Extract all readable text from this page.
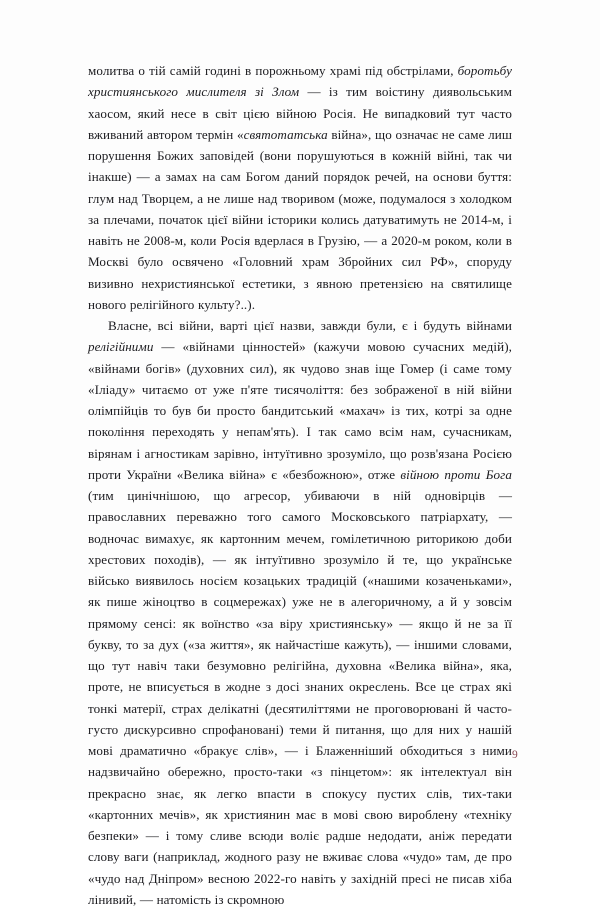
молитва о тій самій годині в порожньому храмі під обстрілами, боротьбу християнського мислителя зі Злом — із тим воістину диявольським хаосом, який несе в світ цією війною Росія. Не випадковий тут часто вживаний автором термін «святотатська війна», що означає не саме лиш порушення Божих заповідей (вони порушуються в кожній війні, так чи інакше) — а замах на сам Богом даний порядок речей, на основи буття: глум над Творцем, а не лише над творивом (може, подумалося з холодком за плечами, початок цієї війни історики колись датуватимуть не 2014-м, і навіть не 2008-м, коли Росія вдерлася в Грузію, — а 2020-м роком, коли в Москві було освячено «Головний храм Збройних сил РФ», споруду визивно нехристиянської естетики, з явною претензією на святилище нового релігійного культу?..).

Власне, всі війни, варті цієї назви, завжди були, є і будуть війнами релігійними — «війнами цінностей» (кажучи мовою сучасних медій), «війнами богів» (духовних сил), як чудово знав іще Гомер (і саме тому «Іліаду» читаємо от уже п'яте тисячоліття: без зображеної в ній війни олімпійців то був би просто бандитський «махач» із тих, котрі за одне покоління переходять у непам'ять). І так само всім нам, сучасникам, вірянам і агностикам зарівно, інтуїтивно зрозуміло, що розв'язана Росією проти України «Велика війна» є «безбожною», отже війною проти Бога (тим цинічнішою, що агресор, убиваючи в ній одновірців — православних переважно того самого Московського патріархату, — водночас вимахує, як картонним мечем, гомілетичною риторикою доби хрестових походів), — як інтуїтивно зрозуміло й те, що українське військо виявилось носієм козацьких традицій («нашими козаченьками», як пише жіноцтво в соцмережах) уже не в алегоричному, а й у зовсім прямому сенсі: як воїнство «за віру християнську» — якщо й не за її букву, то за дух («за життя», як найчастіше кажуть), — іншими словами, що тут навіч таки безумовно релігійна, духовна «Велика війна», яка, проте, не вписується в жодне з досі знаних окреслень. Все це страх які тонкі матерії, страх делікатні (десятиліттями не проговорювані й часто-густо дискурсивно спрофановані) теми й питання, що для них у нашій мові драматично «бракує слів», — і Блаженніший обходиться з ними надзвичайно обережно, просто-таки «з пінцетом»: як інтелектуал він прекрасно знає, як легко впасти в спокусу пустих слів, тих-таки «картонних мечів», як християнин має в мові свою вироблену «техніку безпеки» — і тому сливе всюди воліє радше недодати, аніж передати слову ваги (наприклад, жодного разу не вживає слова «чудо» там, де про «чудо над Дніпром» весною 2022-го навіть у західній пресі не писав хіба лінивий, — натомість із скромною

9
